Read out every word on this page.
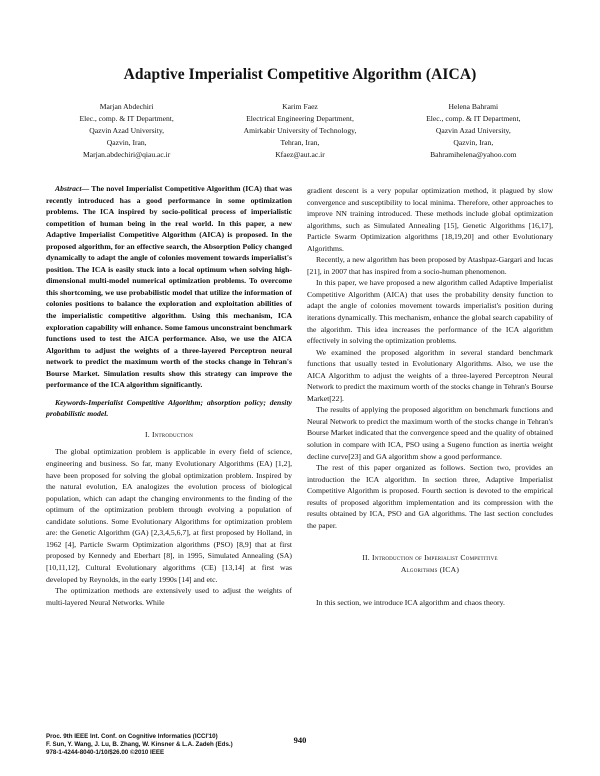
Adaptive Imperialist Competitive Algorithm (AICA)
Marjan Abdechiri
Elec., comp. & IT Department,
Qazvin Azad University,
Qazvin, Iran,
Marjan.abdechiri@qiau.ac.ir
Karim Faez
Electrical Engineering Department,
Amirkabir University of Technology,
Tehran, Iran,
Kfaez@aut.ac.ir
Helena Bahrami
Elec., comp. & IT Department,
Qazvin Azad University,
Qazvin, Iran,
Bahramihelena@yahoo.com

Abstract— The novel Imperialist Competitive Algorithm (ICA) that was recently introduced has a good performance in some optimization problems. The ICA inspired by socio-political process of imperialistic competition of human being in the real world. In this paper, a new Adaptive Imperialist Competitive Algorithm (AICA) is proposed. In the proposed algorithm, for an effective search, the Absorption Policy changed dynamically to adapt the angle of colonies movement towards imperialist's position. The ICA is easily stuck into a local optimum when solving high-dimensional multi-model numerical optimization problems. To overcome this shortcoming, we use probabilistic model that utilize the information of colonies positions to balance the exploration and exploitation abilities of the imperialistic competitive algorithm. Using this mechanism, ICA exploration capability will enhance. Some famous unconstraint benchmark functions used to test the AICA performance. Also, we use the AICA Algorithm to adjust the weights of a three-layered Perceptron neural network to predict the maximum worth of the stocks change in Tehran's Bourse Market. Simulation results show this strategy can improve the performance of the ICA algorithm significantly.

Keywords-Imperialist Competitive Algorithm; absorption policy; density probabilistic model.

I. Introduction

The global optimization problem is applicable in every field of science, engineering and business. So far, many Evolutionary Algorithms (EA) [1,2], have been proposed for solving the global optimization problem. Inspired by the natural evolution, EA analogizes the evolution process of biological population, which can adapt the changing environments to the finding of the optimum of the optimization problem through evolving a population of candidate solutions. Some Evolutionary Algorithms for optimization problem are: the Genetic Algorithm (GA) [2,3,4,5,6,7], at first proposed by Holland, in 1962 [4], Particle Swarm Optimization algorithms (PSO) [8,9] that at first proposed by Kennedy and Eberhart [8], in 1995, Simulated Annealing (SA) [10,11,12], Cultural Evolutionary algorithms (CE) [13,14] at first was developed by Reynolds, in the early 1990s [14] and etc.

The optimization methods are extensively used to adjust the weights of multi-layered Neural Networks. While

gradient descent is a very popular optimization method, it plagued by slow convergence and susceptibility to local minima. Therefore, other approaches to improve NN training introduced. These methods include global optimization algorithms, such as Simulated Annealing [15], Genetic Algorithms [16,17], Particle Swarm Optimization algorithms [18,19,20] and other Evolutionary Algorithms.

Recently, a new algorithm has been proposed by Atashpaz-Gargari and lucas [21], in 2007 that has inspired from a socio-human phenomenon.

In this paper, we have proposed a new algorithm called Adaptive Imperialist Competitive Algorithm (AICA) that uses the probability density function to adapt the angle of colonies movement towards imperialist's position during iterations dynamically. This mechanism, enhance the global search capability of the algorithm. This idea increases the performance of the ICA algorithm effectively in solving the optimization problems.

We examined the proposed algorithm in several standard benchmark functions that usually tested in Evolutionary Algorithms. Also, we use the AICA Algorithm to adjust the weights of a three-layered Perceptron Neural Network to predict the maximum worth of the stocks change in Tehran's Bourse Market[22].

The results of applying the proposed algorithm on benchmark functions and Neural Network to predict the maximum worth of the stocks change in Tehran's Bourse Market indicated that the convergence speed and the quality of obtained solution in compare with ICA, PSO using a Sugeno function as inertia weight decline curve[23] and GA algorithm show a good performance.

The rest of this paper organized as follows. Section two, provides an introduction the ICA algorithm. In section three, Adaptive Imperialist Competitive Algorithm is proposed. Fourth section is devoted to the empirical results of proposed algorithm implementation and its compression with the results obtained by ICA, PSO and GA algorithms. The last section concludes the paper.

II. Introduction of Imperialist Competitive

Algorithms (ICA)

In this section, we introduce ICA algorithm and chaos theory.

Proc. 9th IEEE Int. Conf. on Cognitive Informatics (ICCI'10)
F. Sun, Y. Wang, J. Lu, B. Zhang, W. Kinsner & L.A. Zadeh (Eds.)
978-1-4244-8040-1/10/$26.00 ©2010 IEEE
940
